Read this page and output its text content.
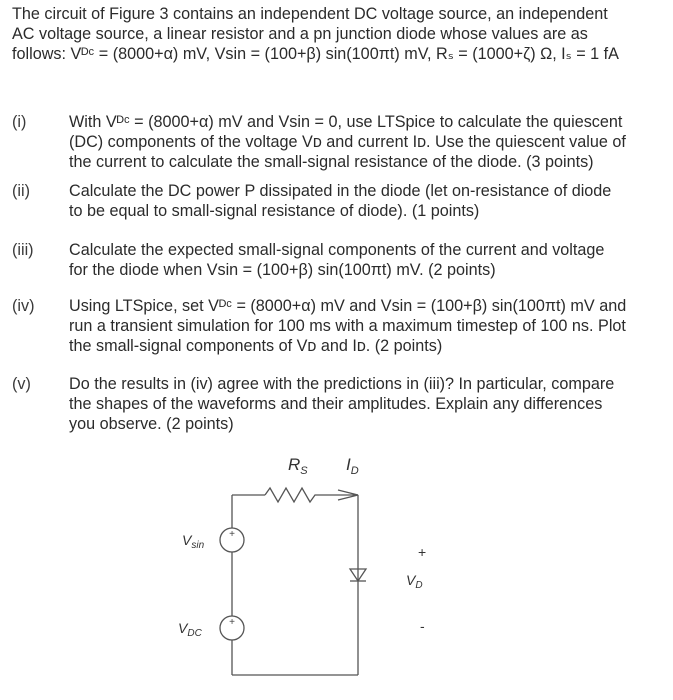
The circuit of Figure 3 contains an independent DC voltage source, an independent
AC voltage source, a linear resistor and a pn junction diode whose values are as
follows: Vᴰᶜ = (8000+α) mV, Vsin = (100+β) sin(100πt) mV, Rₛ = (1000+ζ) Ω, Iₛ = 1 fA
(i)	With Vᴰᶜ = (8000+α) mV and Vsin = 0, use LTSpice to calculate the quiescent
(DC) components of the voltage Vᴅ and current Iᴅ. Use the quiescent value of
the current to calculate the small-signal resistance of the diode. (3 points)
(ii) Calculate the DC power P dissipated in the diode (let on-resistance of diode
to be equal to small-signal resistance of diode). (1 points)
(iii) Calculate the expected small-signal components of the current and voltage
for the diode when Vsin = (100+β) sin(100πt) mV. (2 points)
(iv) Using LTSpice, set Vᴰᶜ = (8000+α) mV and Vsin = (100+β) sin(100πt) mV and
run a transient simulation for 100 ms with a maximum timestep of 100 ns. Plot
the small-signal components of Vᴅ and Iᴅ. (2 points)
(v) Do the results in (iv) agree with the predictions in (iii)? In particular, compare
the shapes of the waveforms and their amplitudes. Explain any differences
you observe. (2 points)
+
+
$R_S$ $I_D$
$V_{sin}$
$V_{DC}$
$V_D$
+
-
